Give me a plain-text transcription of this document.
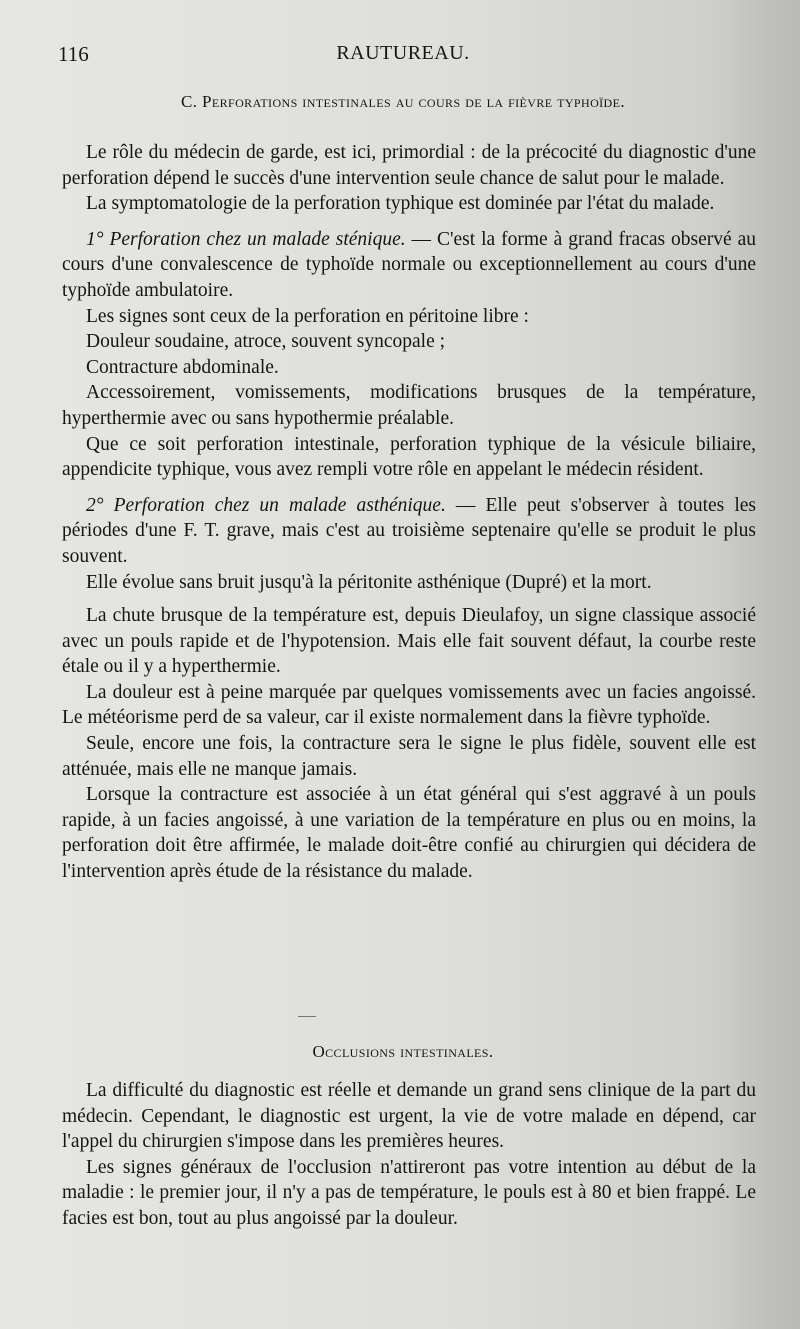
116	RAUTUREAU.
C. Perforations intestinales au cours de la fièvre typhoïde.

Le rôle du médecin de garde, est ici, primordial : de la précocité du diagnostic d'une perforation dépend le succès d'une intervention seule chance de salut pour le malade.

La symptomatologie de la perforation typhique est dominée par l'état du malade.

1° Perforation chez un malade sténique. — C'est la forme à grand fracas observé au cours d'une convalescence de typhoïde normale ou exceptionnellement au cours d'une typhoïde ambulatoire.

Les signes sont ceux de la perforation en péritoine libre :

Douleur soudaine, atroce, souvent syncopale ;

Contracture abdominale.

Accessoirement, vomissements, modifications brusques de la température, hyperthermie avec ou sans hypothermie préalable.

Que ce soit perforation intestinale, perforation typhique de la vésicule biliaire, appendicite typhique, vous avez rempli votre rôle en appelant le médecin résident.

2° Perforation chez un malade asthénique. — Elle peut s'observer à toutes les périodes d'une F. T. grave, mais c'est au troisième septenaire qu'elle se produit le plus souvent.

Elle évolue sans bruit jusqu'à la péritonite asthénique (Dupré) et la mort.

La chute brusque de la température est, depuis Dieulafoy, un signe classique associé avec un pouls rapide et de l'hypotension. Mais elle fait souvent défaut, la courbe reste étale ou il y a hyperthermie.

La douleur est à peine marquée par quelques vomissements avec un facies angoissé. Le météorisme perd de sa valeur, car il existe normalement dans la fièvre typhoïde.

Seule, encore une fois, la contracture sera le signe le plus fidèle, souvent elle est atténuée, mais elle ne manque jamais.

Lorsque la contracture est associée à un état général qui s'est aggravé à un pouls rapide, à un facies angoissé, à une variation de la température en plus ou en moins, la perforation doit être affirmée, le malade doit-être confié au chirurgien qui décidera de l'intervention après étude de la résistance du malade.

Occlusions intestinales.

La difficulté du diagnostic est réelle et demande un grand sens clinique de la part du médecin. Cependant, le diagnostic est urgent, la vie de votre malade en dépend, car l'appel du chirurgien s'impose dans les premières heures.

Les signes généraux de l'occlusion n'attireront pas votre intention au début de la maladie : le premier jour, il n'y a pas de température, le pouls est à 80 et bien frappé. Le facies est bon, tout au plus angoissé par la douleur.
